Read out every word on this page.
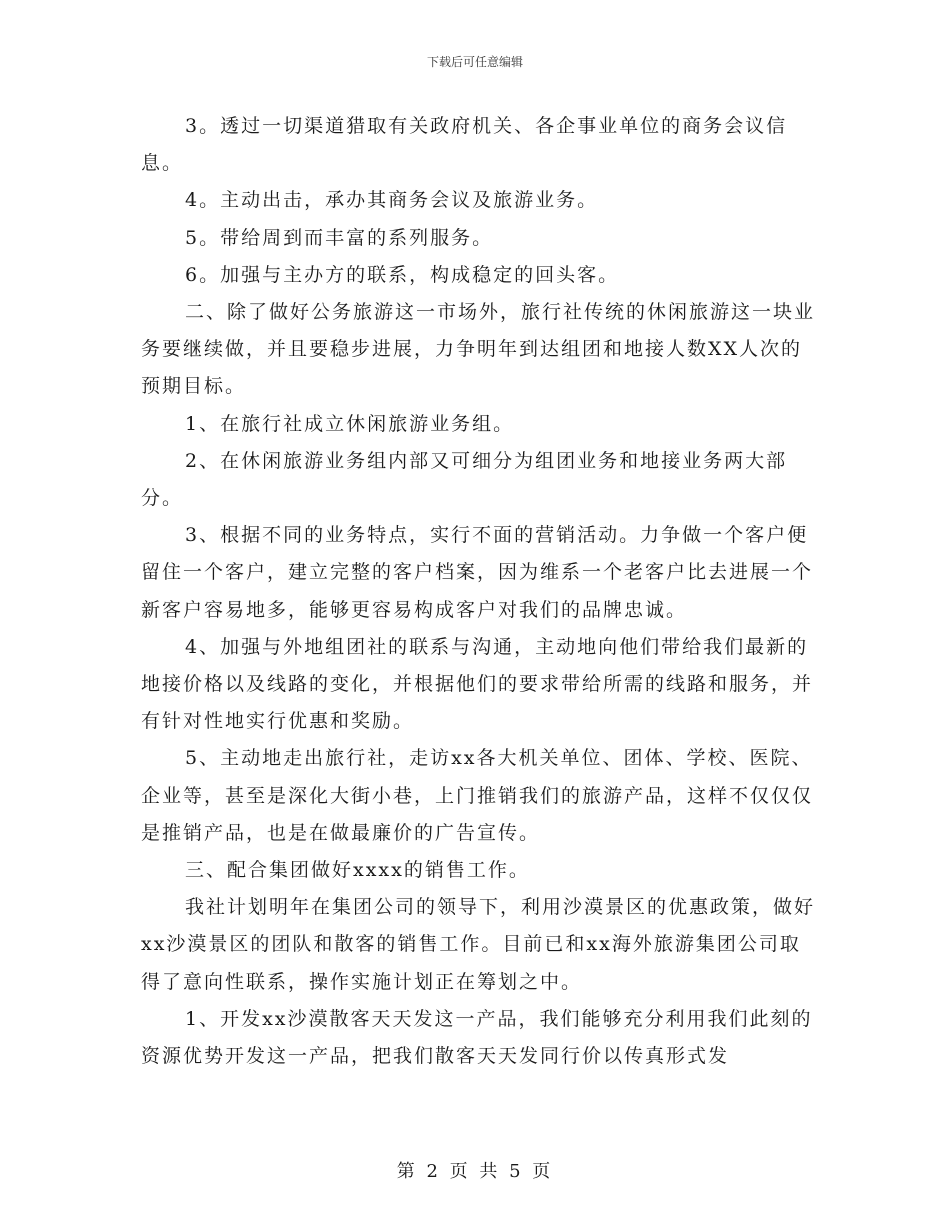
下载后可任意编辑

3。透过一切渠道猎取有关政府机关、各企事业单位的商务会议信息。

4。主动出击，承办其商务会议及旅游业务。

5。带给周到而丰富的系列服务。

6。加强与主办方的联系，构成稳定的回头客。

二、除了做好公务旅游这一市场外，旅行社传统的休闲旅游这一块业务要继续做，并且要稳步进展，力争明年到达组团和地接人数XX人次的预期目标。

1、在旅行社成立休闲旅游业务组。

2、在休闲旅游业务组内部又可细分为组团业务和地接业务两大部分。

3、根据不同的业务特点，实行不面的营销活动。力争做一个客户便留住一个客户，建立完整的客户档案，因为维系一个老客户比去进展一个新客户容易地多，能够更容易构成客户对我们的品牌忠诚。

4、加强与外地组团社的联系与沟通，主动地向他们带给我们最新的地接价格以及线路的变化，并根据他们的要求带给所需的线路和服务，并有针对性地实行优惠和奖励。

5、主动地走出旅行社，走访xx各大机关单位、团体、学校、医院、企业等，甚至是深化大街小巷，上门推销我们的旅游产品，这样不仅仅仅是推销产品，也是在做最廉价的广告宣传。

三、配合集团做好xxxx的销售工作。

我社计划明年在集团公司的领导下，利用沙漠景区的优惠政策，做好xx沙漠景区的团队和散客的销售工作。目前已和xx海外旅游集团公司取得了意向性联系，操作实施计划正在筹划之中。

1、开发xx沙漠散客天天发这一产品，我们能够充分利用我们此刻的资源优势开发这一产品，把我们散客天天发同行价以传真形式发

第 2 页 共 5 页
